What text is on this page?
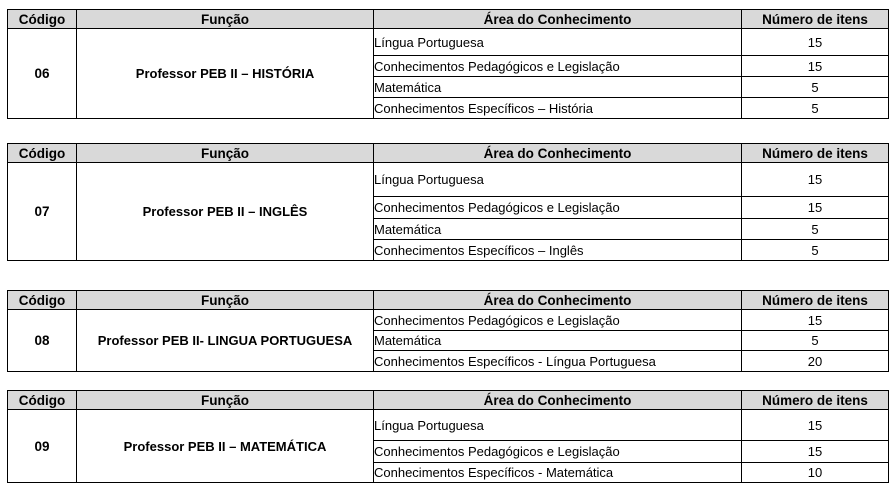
Código	Função	Área do Conhecimento	Número de itens
06	Professor PEB II – HISTÓRIA	Língua Portuguesa	15
		Conhecimentos Pedagógicos e Legislação	15
		Matemática	5
		Conhecimentos Específicos – História	5
Código	Função	Área do Conhecimento	Número de itens
07	Professor PEB II – INGLÊS	Língua Portuguesa	15
		Conhecimentos Pedagógicos e Legislação	15
		Matemática	5
		Conhecimentos Específicos – Inglês	5
Código	Função	Área do Conhecimento	Número de itens
08	Professor PEB II- LINGUA PORTUGUESA	Conhecimentos Pedagógicos e Legislação	15
		Matemática	5
		Conhecimentos Específicos - Língua Portuguesa	20
Código	Função	Área do Conhecimento	Número de itens
09	Professor PEB II – MATEMÁTICA	Língua Portuguesa	15
		Conhecimentos Pedagógicos e Legislação	15
		Conhecimentos Específicos - Matemática	10
